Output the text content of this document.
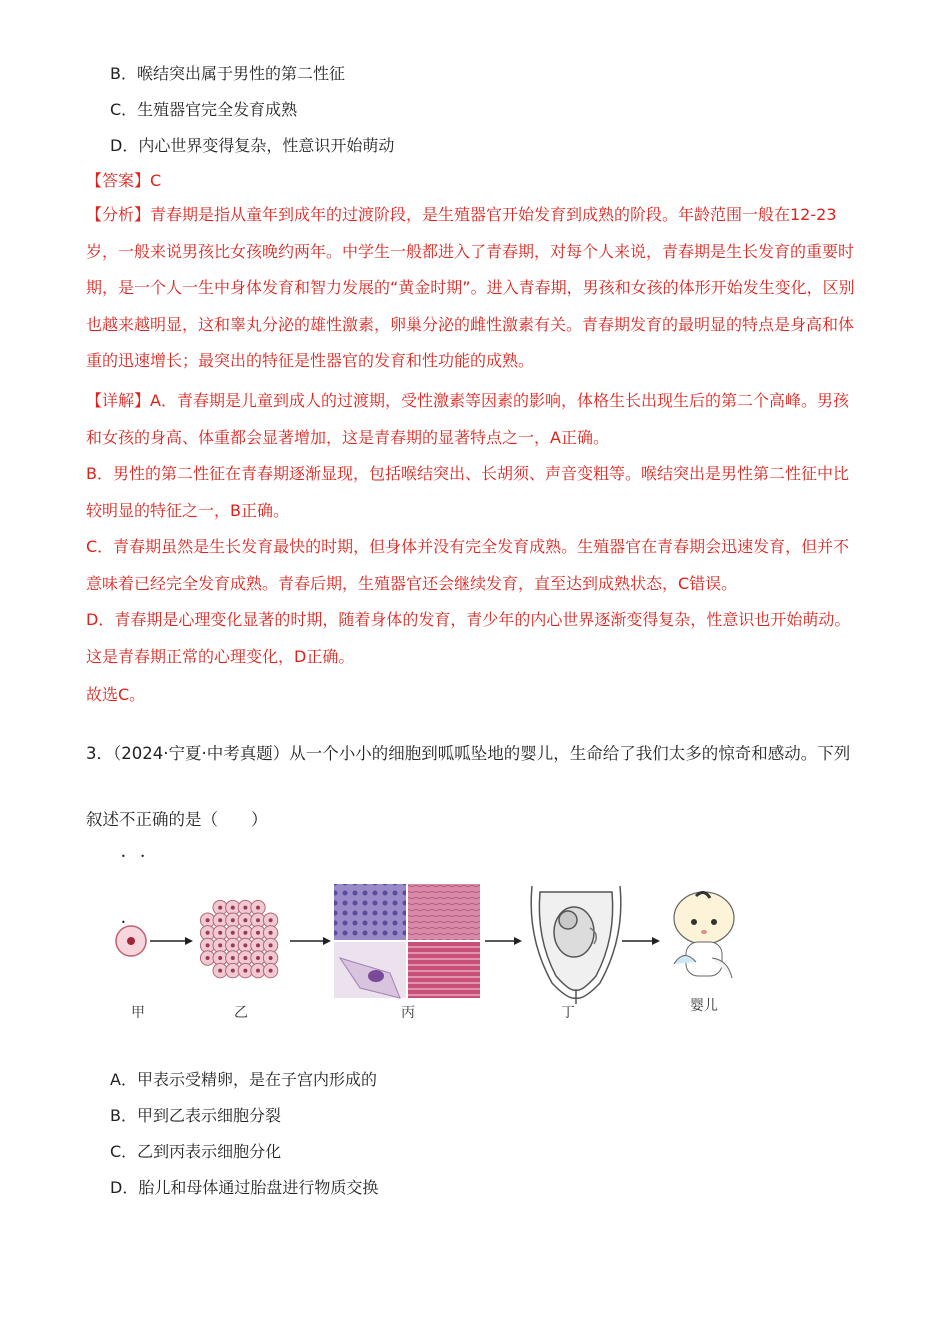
B．喉结突出属于男性的第二性征
C．生殖器官完全发育成熟
D．内心世界变得复杂，性意识开始萌动
【答案】C
【分析】青春期是指从童年到成年的过渡阶段，是生殖器官开始发育到成熟的阶段。年龄范围一般在12-23岁，一般来说男孩比女孩晚约两年。中学生一般都进入了青春期，对每个人来说，青春期是生长发育的重要时期，是一个人一生中身体发育和智力发展的“黄金时期”。进入青春期，男孩和女孩的体形开始发生变化，区别也越来越明显，这和睾丸分泌的雄性激素，卵巢分泌的雌性激素有关。青春期发育的最明显的特点是身高和体重的迅速增长；最突出的特征是性器官的发育和性功能的成熟。
【详解】A．青春期是儿童到成人的过渡期，受性激素等因素的影响，体格生长出现生后的第二个高峰。男孩和女孩的身高、体重都会显著增加，这是青春期的显著特点之一，A正确。
B．男性的第二性征在青春期逐渐显现，包括喉结突出、长胡须、声音变粗等。喉结突出是男性第二性征中比较明显的特征之一，B正确。
C．青春期虽然是生长发育最快的时期，但身体并没有完全发育成熟。生殖器官在青春期会迅速发育，但并不意味着已经完全发育成熟。青春后期，生殖器官还会继续发育，直至达到成熟状态，C错误。
D．青春期是心理变化显著的时期，随着身体的发育，青少年的内心世界逐渐变得复杂，性意识也开始萌动。这是青春期正常的心理变化，D正确。
故选C。
3．（2024·宁夏·中考真题）从一个小小的细胞到呱呱坠地的婴儿，生命给了我们太多的惊奇和感动。下列叙述不正确 • • •的是（　　）
甲	乙	丙	丁	婴儿
A．甲表示受精卵，是在子宫内形成的
B．甲到乙表示细胞分裂
C．乙到丙表示细胞分化
D．胎儿和母体通过胎盘进行物质交换
